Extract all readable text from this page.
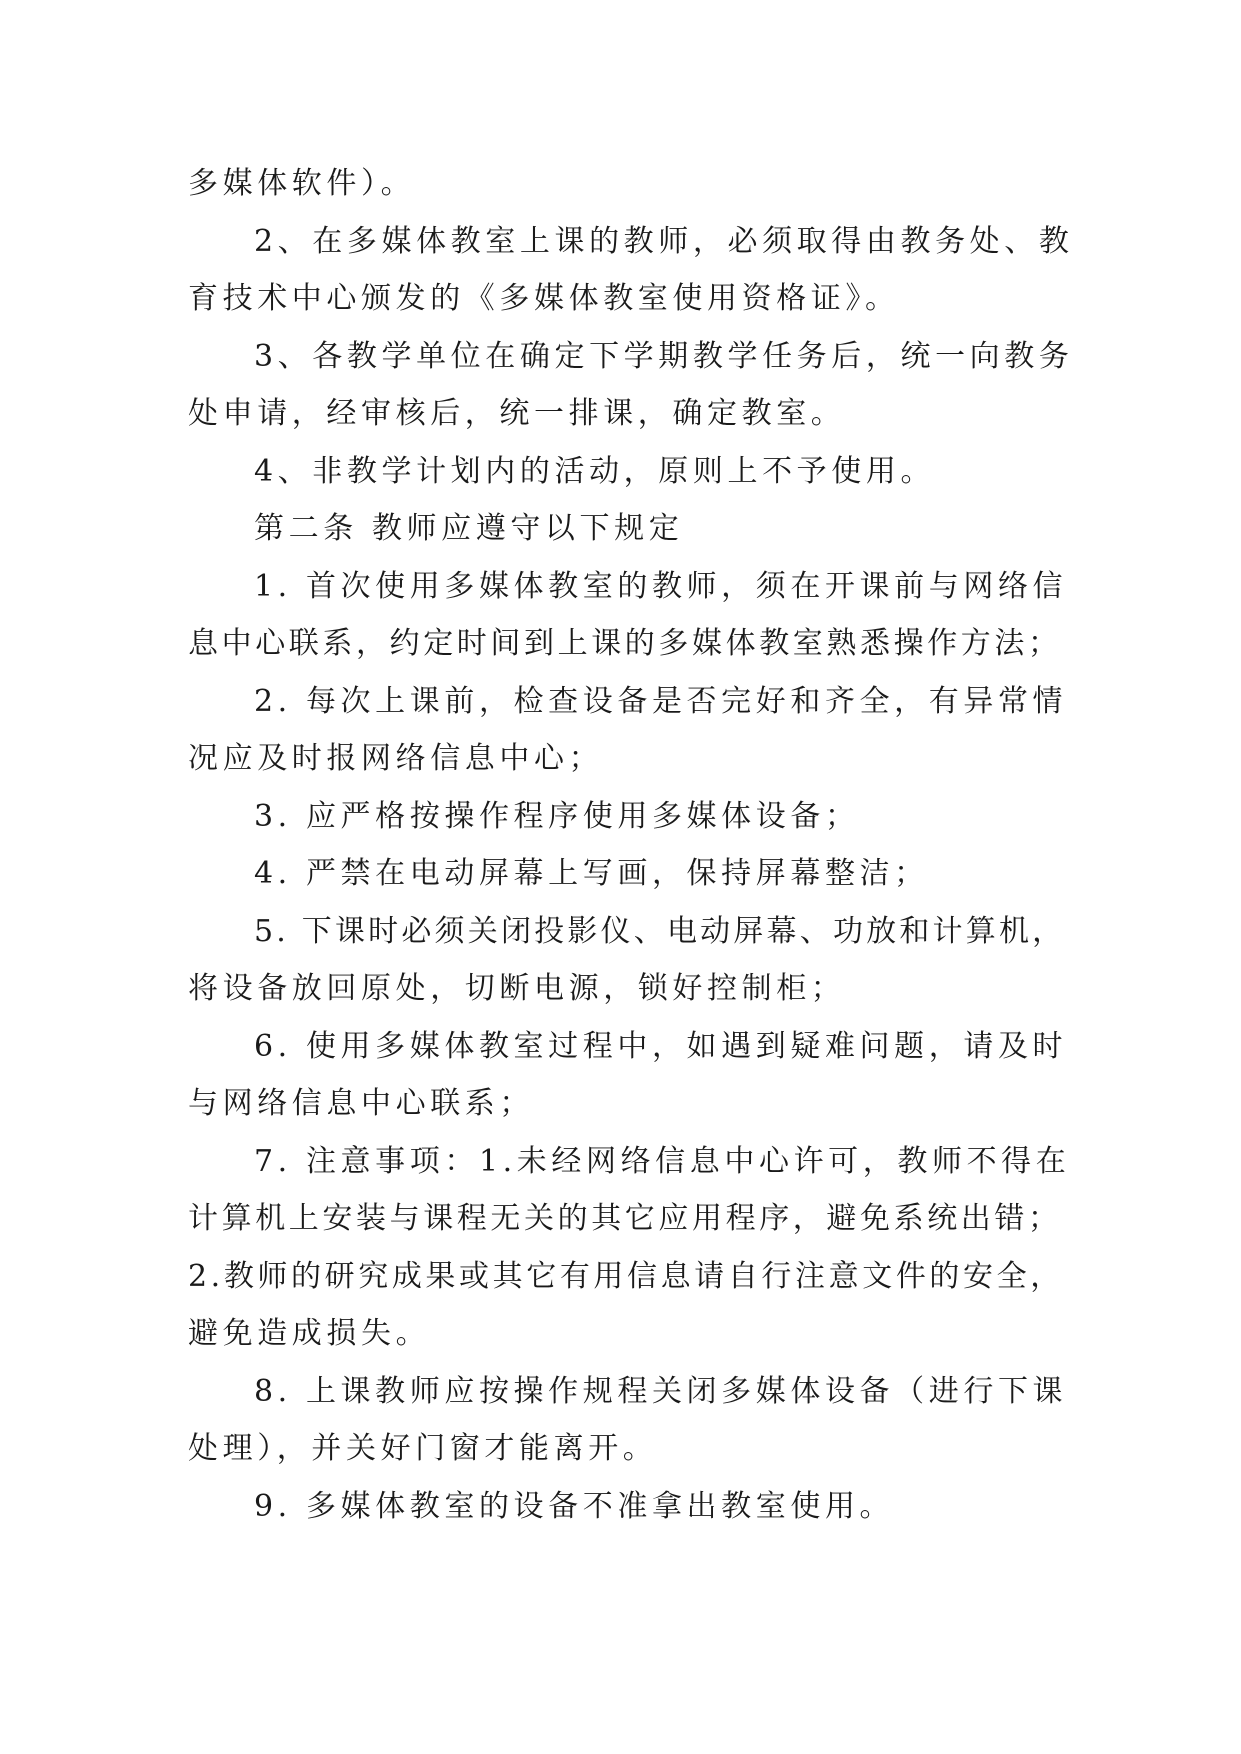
多媒体软件）。
2、在多媒体教室上课的教师，必须取得由教务处、教
育技术中心颁发的《多媒体教室使用资格证》。
3、各教学单位在确定下学期教学任务后，统一向教务
处申请，经审核后，统一排课，确定教室。
4、非教学计划内的活动，原则上不予使用。
第二条 教师应遵守以下规定
1. 首次使用多媒体教室的教师，须在开课前与网络信
息中心联系，约定时间到上课的多媒体教室熟悉操作方法；
2. 每次上课前，检查设备是否完好和齐全，有异常情
况应及时报网络信息中心；
3. 应严格按操作程序使用多媒体设备；
4. 严禁在电动屏幕上写画，保持屏幕整洁；
5. 下课时必须关闭投影仪、电动屏幕、功放和计算机，
将设备放回原处，切断电源，锁好控制柜；
6. 使用多媒体教室过程中，如遇到疑难问题，请及时
与网络信息中心联系；
7. 注意事项：1.未经网络信息中心许可，教师不得在
计算机上安装与课程无关的其它应用程序，避免系统出错；
2.教师的研究成果或其它有用信息请自行注意文件的安全，
避免造成损失。
8. 上课教师应按操作规程关闭多媒体设备（进行下课
处理），并关好门窗才能离开。
9. 多媒体教室的设备不准拿出教室使用。
